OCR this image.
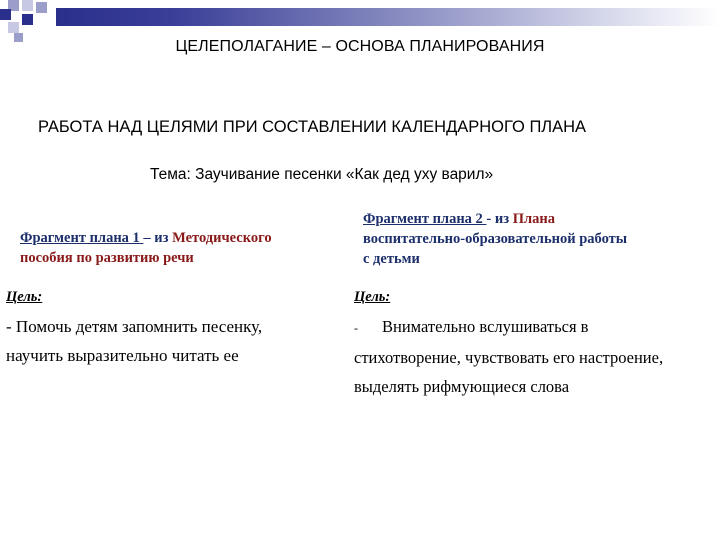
ЦЕЛЕПОЛАГАНИЕ – ОСНОВА ПЛАНИРОВАНИЯ
РАБОТА НАД ЦЕЛЯМИ ПРИ СОСТАВЛЕНИИ КАЛЕНДАРНОГО ПЛАНА
Тема: Заучивание песенки «Как дед уху варил»
Фрагмент плана 1 – из Методического
пособия по развитию речи
Фрагмент плана 2 - из Плана
воспитательно-образовательной работы
с детьми
Цель:	Цель:
- Помочь детям запомнить песенку,
научить выразительно читать ее
- Внимательно вслушиваться в
стихотворение, чувствовать его настроение,
выделять рифмующиеся слова
